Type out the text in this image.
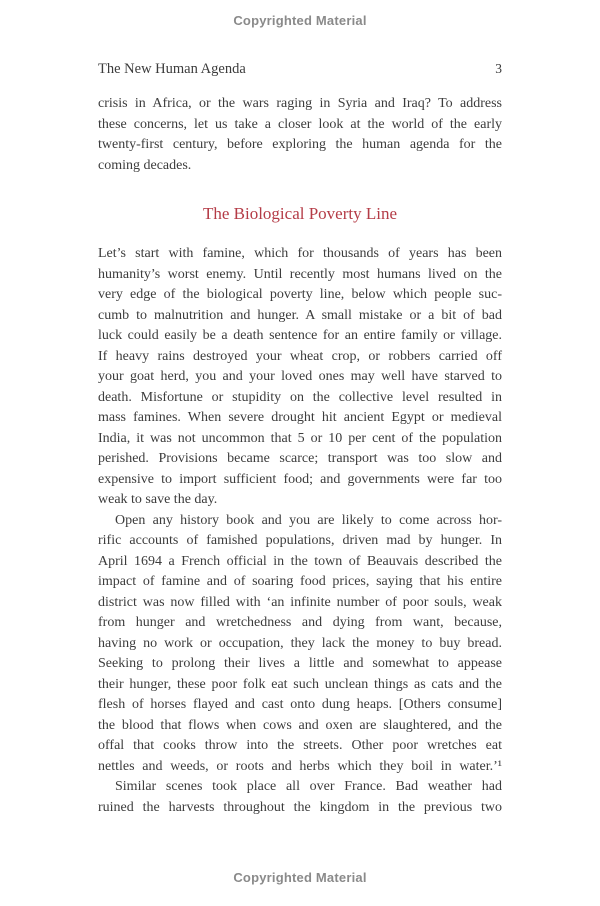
Copyrighted Material
The New Human Agenda	3
crisis in Africa, or the wars raging in Syria and Iraq? To address
these concerns, let us take a closer look at the world of the early
twenty-first century, before exploring the human agenda for the
coming decades.
The Biological Poverty Line
Let’s start with famine, which for thousands of years has been
humanity’s worst enemy. Until recently most humans lived on the
very edge of the biological poverty line, below which people suc-
cumb to malnutrition and hunger. A small mistake or a bit of bad
luck could easily be a death sentence for an entire family or village.
If heavy rains destroyed your wheat crop, or robbers carried off
your goat herd, you and your loved ones may well have starved to
death. Misfortune or stupidity on the collective level resulted in
mass famines. When severe drought hit ancient Egypt or medieval
India, it was not uncommon that 5 or 10 per cent of the population
perished. Provisions became scarce; transport was too slow and
expensive to import sufficient food; and governments were far too
weak to save the day.
Open any history book and you are likely to come across hor-
rific accounts of famished populations, driven mad by hunger. In
April 1694 a French official in the town of Beauvais described the
impact of famine and of soaring food prices, saying that his entire
district was now filled with ‘an infinite number of poor souls, weak
from hunger and wretchedness and dying from want, because,
having no work or occupation, they lack the money to buy bread.
Seeking to prolong their lives a little and somewhat to appease
their hunger, these poor folk eat such unclean things as cats and the
flesh of horses flayed and cast onto dung heaps. [Others consume]
the blood that flows when cows and oxen are slaughtered, and the
offal that cooks throw into the streets. Other poor wretches eat
nettles and weeds, or roots and herbs which they boil in water.’¹
Similar scenes took place all over France. Bad weather had
ruined the harvests throughout the kingdom in the previous two
Copyrighted Material
